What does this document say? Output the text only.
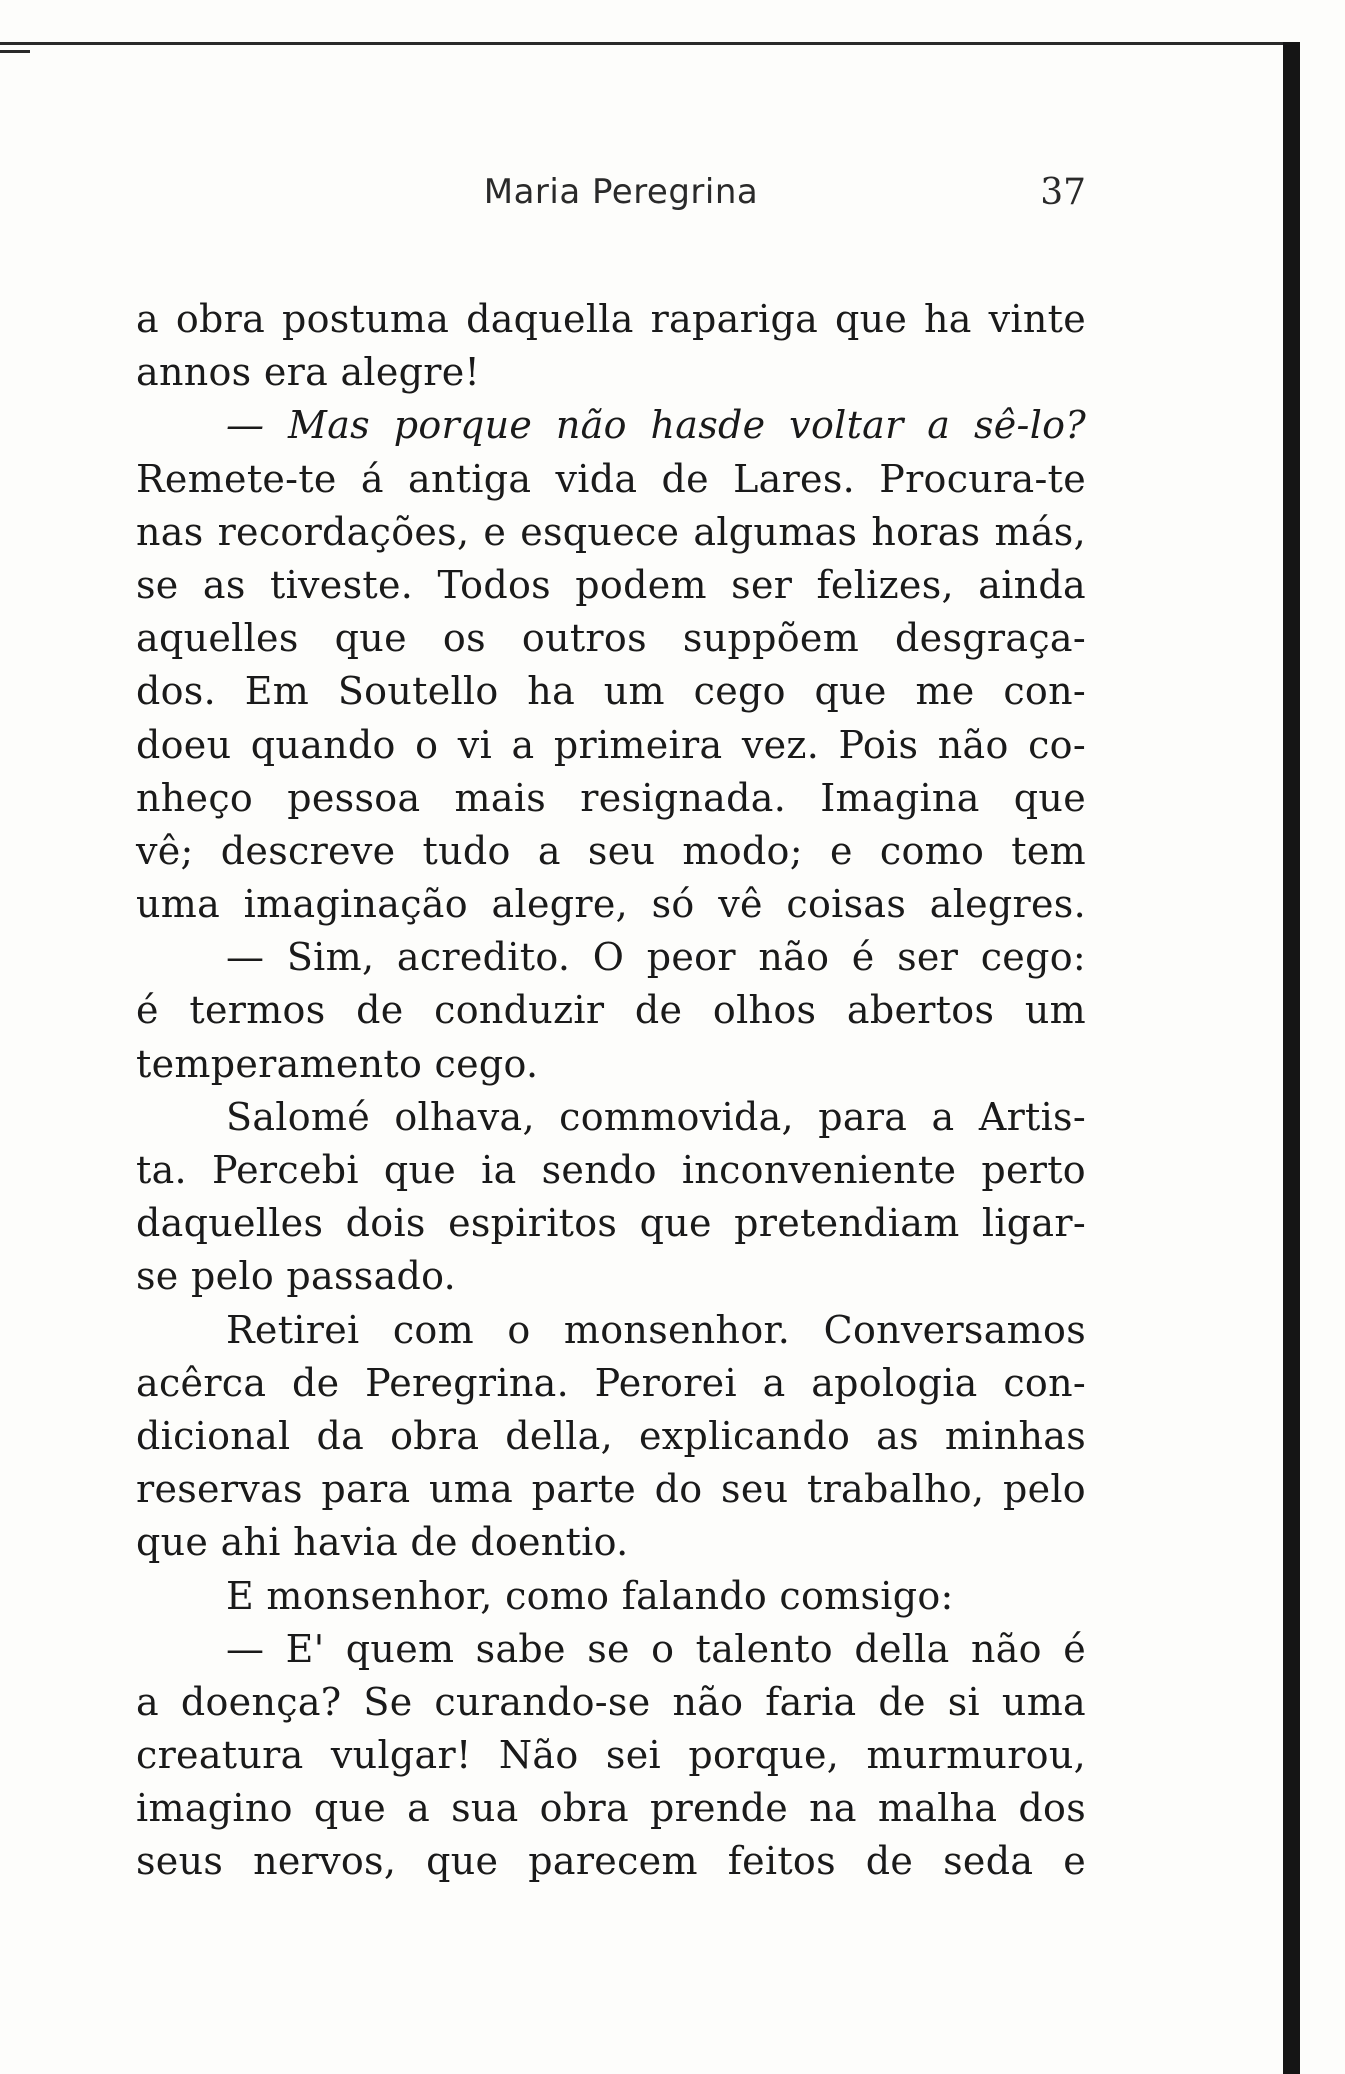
Maria Peregrina	37
a obra postuma daquella rapariga que ha vinte
annos era alegre!
— Mas porque não hasde voltar a sê-lo?
Remete-te á antiga vida de Lares. Procura-te
nas recordações, e esquece algumas horas más,
se as tiveste. Todos podem ser felizes, ainda
aquelles que os outros suppõem desgraça-
dos. Em Soutello ha um cego que me con-
doeu quando o vi a primeira vez. Pois não co-
nheço pessoa mais resignada. Imagina que
vê; descreve tudo a seu modo; e como tem
uma imaginação alegre, só vê coisas alegres.
— Sim, acredito. O peor não é ser cego:
é termos de conduzir de olhos abertos um
temperamento cego.
Salomé olhava, commovida, para a Artis-
ta. Percebi que ia sendo inconveniente perto
daquelles dois espiritos que pretendiam ligar-
se pelo passado.
Retirei com o monsenhor. Conversamos
acêrca de Peregrina. Perorei a apologia con-
dicional da obra della, explicando as minhas
reservas para uma parte do seu trabalho, pelo
que ahi havia de doentio.
E monsenhor, como falando comsigo:
— E' quem sabe se o talento della não é
a doença? Se curando-se não faria de si uma
creatura vulgar! Não sei porque, murmurou,
imagino que a sua obra prende na malha dos
seus nervos, que parecem feitos de seda e
